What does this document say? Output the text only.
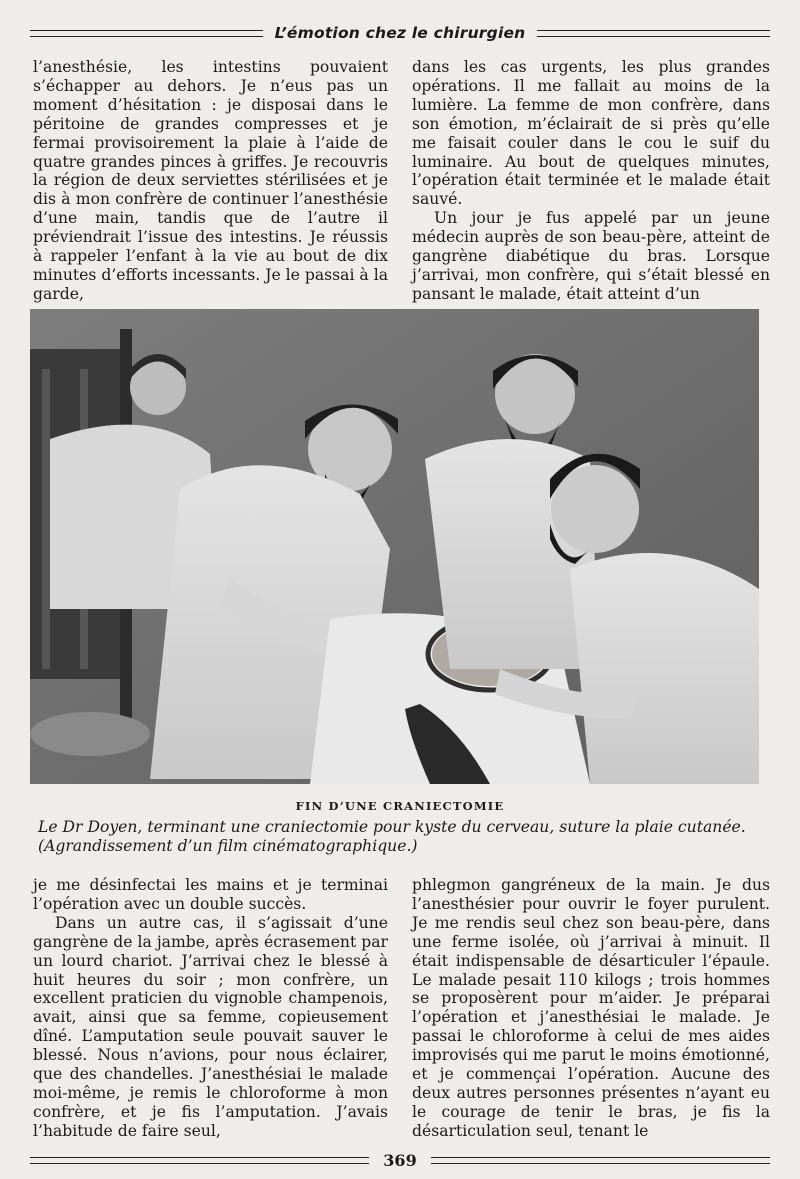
L’émotion chez le chirurgien

l’anesthésie, les intestins pouvaient s’échapper au dehors. Je n’eus pas un moment d’hésitation : je disposai dans le péritoine de grandes compresses et je fermai provisoirement la plaie à l’aide de quatre grandes pinces à griffes. Je recouvris la région de deux serviettes stérilisées et je dis à mon confrère de continuer l’anesthésie d’une main, tandis que de l’autre il préviendrait l’issue des intestins. Je réussis à rappeler l’enfant à la vie au bout de dix minutes d’efforts incessants. Je le passai à la garde,

dans les cas urgents, les plus grandes opérations. Il me fallait au moins de la lumière. La femme de mon confrère, dans son émotion, m’éclairait de si près qu’elle me faisait couler dans le cou le suif du luminaire. Au bout de quelques minutes, l’opération était terminée et le malade était sauvé.

Un jour je fus appelé par un jeune médecin auprès de son beau-père, atteint de gangrène diabétique du bras. Lorsque j’arrivai, mon confrère, qui s’était blessé en pansant le malade, était atteint d’un

FIN D’UNE CRANIECTOMIE
Le Dr Doyen, terminant une craniectomie pour kyste du cerveau, suture la plaie cutanée. (Agrandissement d’un film cinématographique.)

je me désinfectai les mains et je terminai l’opération avec un double succès.

Dans un autre cas, il s’agissait d’une gangrène de la jambe, après écrasement par un lourd chariot. J’arrivai chez le blessé à huit heures du soir ; mon confrère, un excellent praticien du vignoble champenois, avait, ainsi que sa femme, copieusement dîné. L’amputation seule pouvait sauver le blessé. Nous n’avions, pour nous éclairer, que des chandelles. J’anesthésiai le malade moi-même, je remis le chloroforme à mon confrère, et je fis l’amputation. J’avais l’habitude de faire seul,

phlegmon gangréneux de la main. Je dus l’anesthésier pour ouvrir le foyer purulent. Je me rendis seul chez son beau-père, dans une ferme isolée, où j’arrivai à minuit. Il était indispensable de désarticuler l’épaule. Le malade pesait 110 kilogs ; trois hommes se proposèrent pour m’aider. Je préparai l’opération et j’anesthésiai le malade. Je passai le chloroforme à celui de mes aides improvisés qui me parut le moins émotionné, et je commençai l’opération. Aucune des deux autres personnes présentes n’ayant eu le courage de tenir le bras, je fis la désarticulation seul, tenant le

369
